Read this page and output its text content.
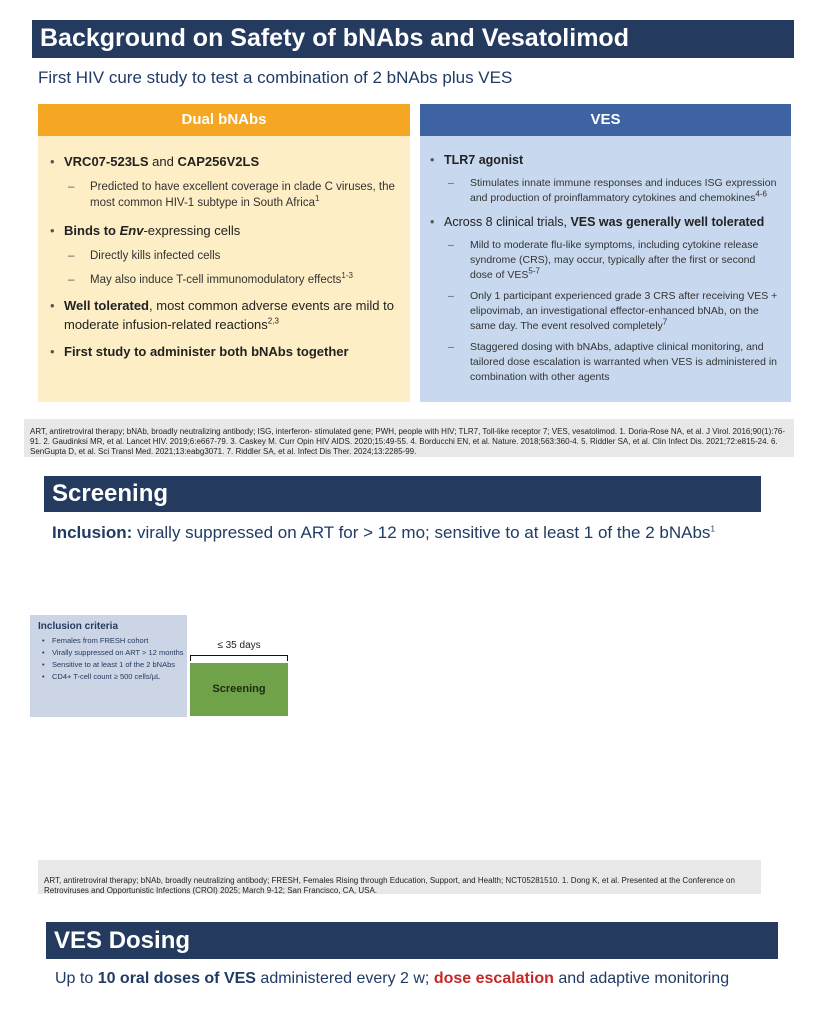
Background on Safety of bNAbs and Vesatolimod
First HIV cure study to test a combination of 2 bNAbs plus VES
Dual bNAbs	VES
• VRC07-523LS and CAP256V2LS
– Predicted to have excellent coverage in clade C viruses, the most common HIV-1 subtype in South Africa$^1$
• Binds to Env-expressing cells
– Directly kills infected cells
– May also induce T-cell immunomodulatory effects$^{1-3}$
• Well tolerated, most common adverse events are mild to moderate infusion-related reactions$^{2,3}$
• First study to administer both bNAbs together
• TLR7 agonist
– Stimulates innate immune responses and induces ISG expression and production of proinflammatory cytokines and chemokines$^{4-6}$
• Across 8 clinical trials, VES was generally well tolerated
– Mild to moderate flu-like symptoms, including cytokine release syndrome (CRS), may occur, typically after the first or second dose of VES$^{5-7}$
– Only 1 participant experienced grade 3 CRS after receiving VES + elipovimab, an investigational effector-enhanced bNAb, on the same day. The event resolved completely$^7$
– Staggered dosing with bNAbs, adaptive clinical monitoring, and tailored dose escalation is warranted when VES is administered in combination with other agents
ART, antiretroviral therapy; bNAb, broadly neutralizing antibody; ISG, interferon- stimulated gene; PWH, people with HIV; TLR7, Toll-like receptor 7; VES, vesatolimod. 1. Doria-Rose NA, et al. J Virol. 2016;90(1):76-91. 2. Gaudinksi MR, et al. Lancet HIV. 2019;6:e667-79. 3. Caskey M. Curr Opin HIV AIDS. 2020;15:49-55. 4. Borducchi EN, et al. Nature. 2018;563:360-4. 5. Riddler SA, et al. Clin Infect Dis. 2021;72:e815-24. 6. SenGupta D, et al. Sci Transl Med. 2021;13:eabg3071. 7. Riddler SA, et al. Infect Dis Ther. 2024;13:2285-99.
Screening
Inclusion: virally suppressed on ART for > 12 mo; sensitive to at least 1 of the 2 bNAbs$^1$
Inclusion criteria
• Females from FRESH cohort
• Virally suppressed on ART > 12 months
• Sensitive to at least 1 of the 2 bNAbs
• CD4+ T-cell count ≥ 500 cells/μL
≤ 35 days
Screening
ART, antiretroviral therapy; bNAb, broadly neutralizing antibody; FRESH, Females Rising through Education, Support, and Health; NCT05281510. 1. Dong K, et al. Presented at the Conference on Retroviruses and Opportunistic Infections (CROI) 2025; March 9-12; San Francisco, CA, USA.
VES Dosing
Up to 10 oral doses of VES administered every 2 w; dose escalation and adaptive monitoring
